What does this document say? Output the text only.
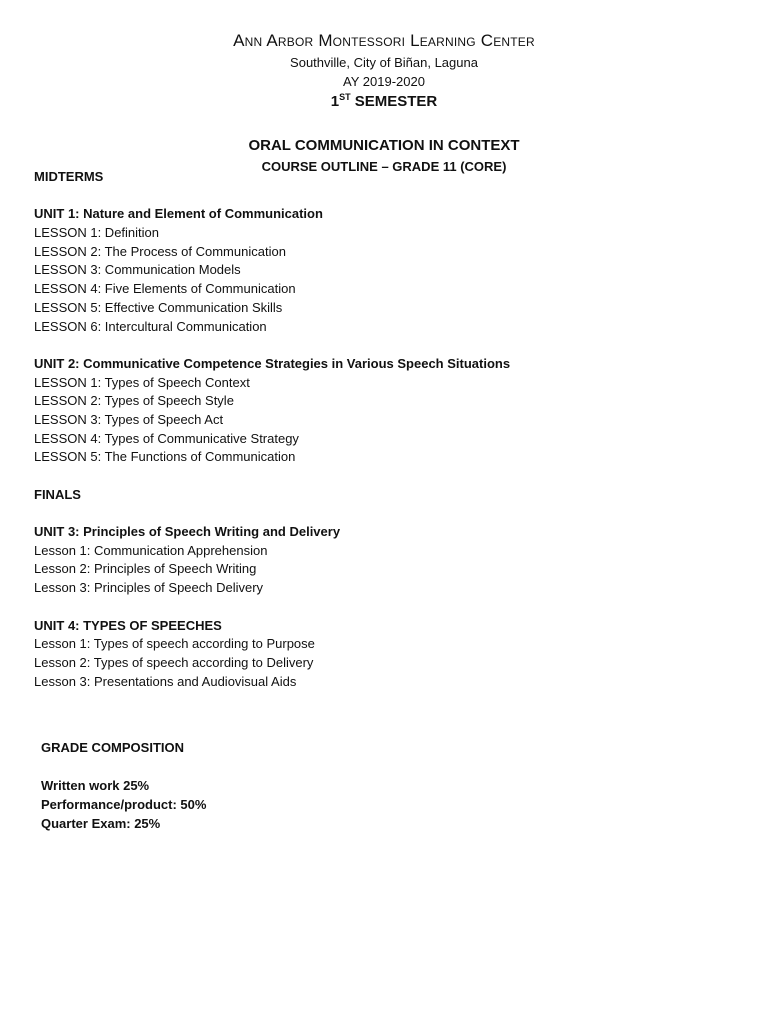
Ann Arbor Montessori Learning Center
Southville, City of Biñan, Laguna
AY 2019-2020
1ST SEMESTER
ORAL COMMUNICATION IN CONTEXT
COURSE OUTLINE – GRADE 11 (CORE)
MIDTERMS
UNIT 1: Nature and Element of Communication
LESSON 1: Definition
LESSON 2: The Process of Communication
LESSON 3: Communication Models
LESSON 4: Five Elements of Communication
LESSON 5: Effective Communication Skills
LESSON 6: Intercultural Communication
UNIT 2: Communicative Competence Strategies in Various Speech Situations
LESSON 1: Types of Speech Context
LESSON 2: Types of Speech Style
LESSON 3: Types of Speech Act
LESSON 4: Types of Communicative Strategy
LESSON 5: The Functions of Communication
FINALS
UNIT 3: Principles of Speech Writing and Delivery
Lesson 1: Communication Apprehension
Lesson 2: Principles of Speech Writing
Lesson 3: Principles of Speech Delivery
UNIT 4: TYPES OF SPEECHES
Lesson 1: Types of speech according to Purpose
Lesson 2: Types of speech according to Delivery
Lesson 3: Presentations and Audiovisual Aids
GRADE COMPOSITION
Written work 25%
Performance/product: 50%
Quarter Exam: 25%
